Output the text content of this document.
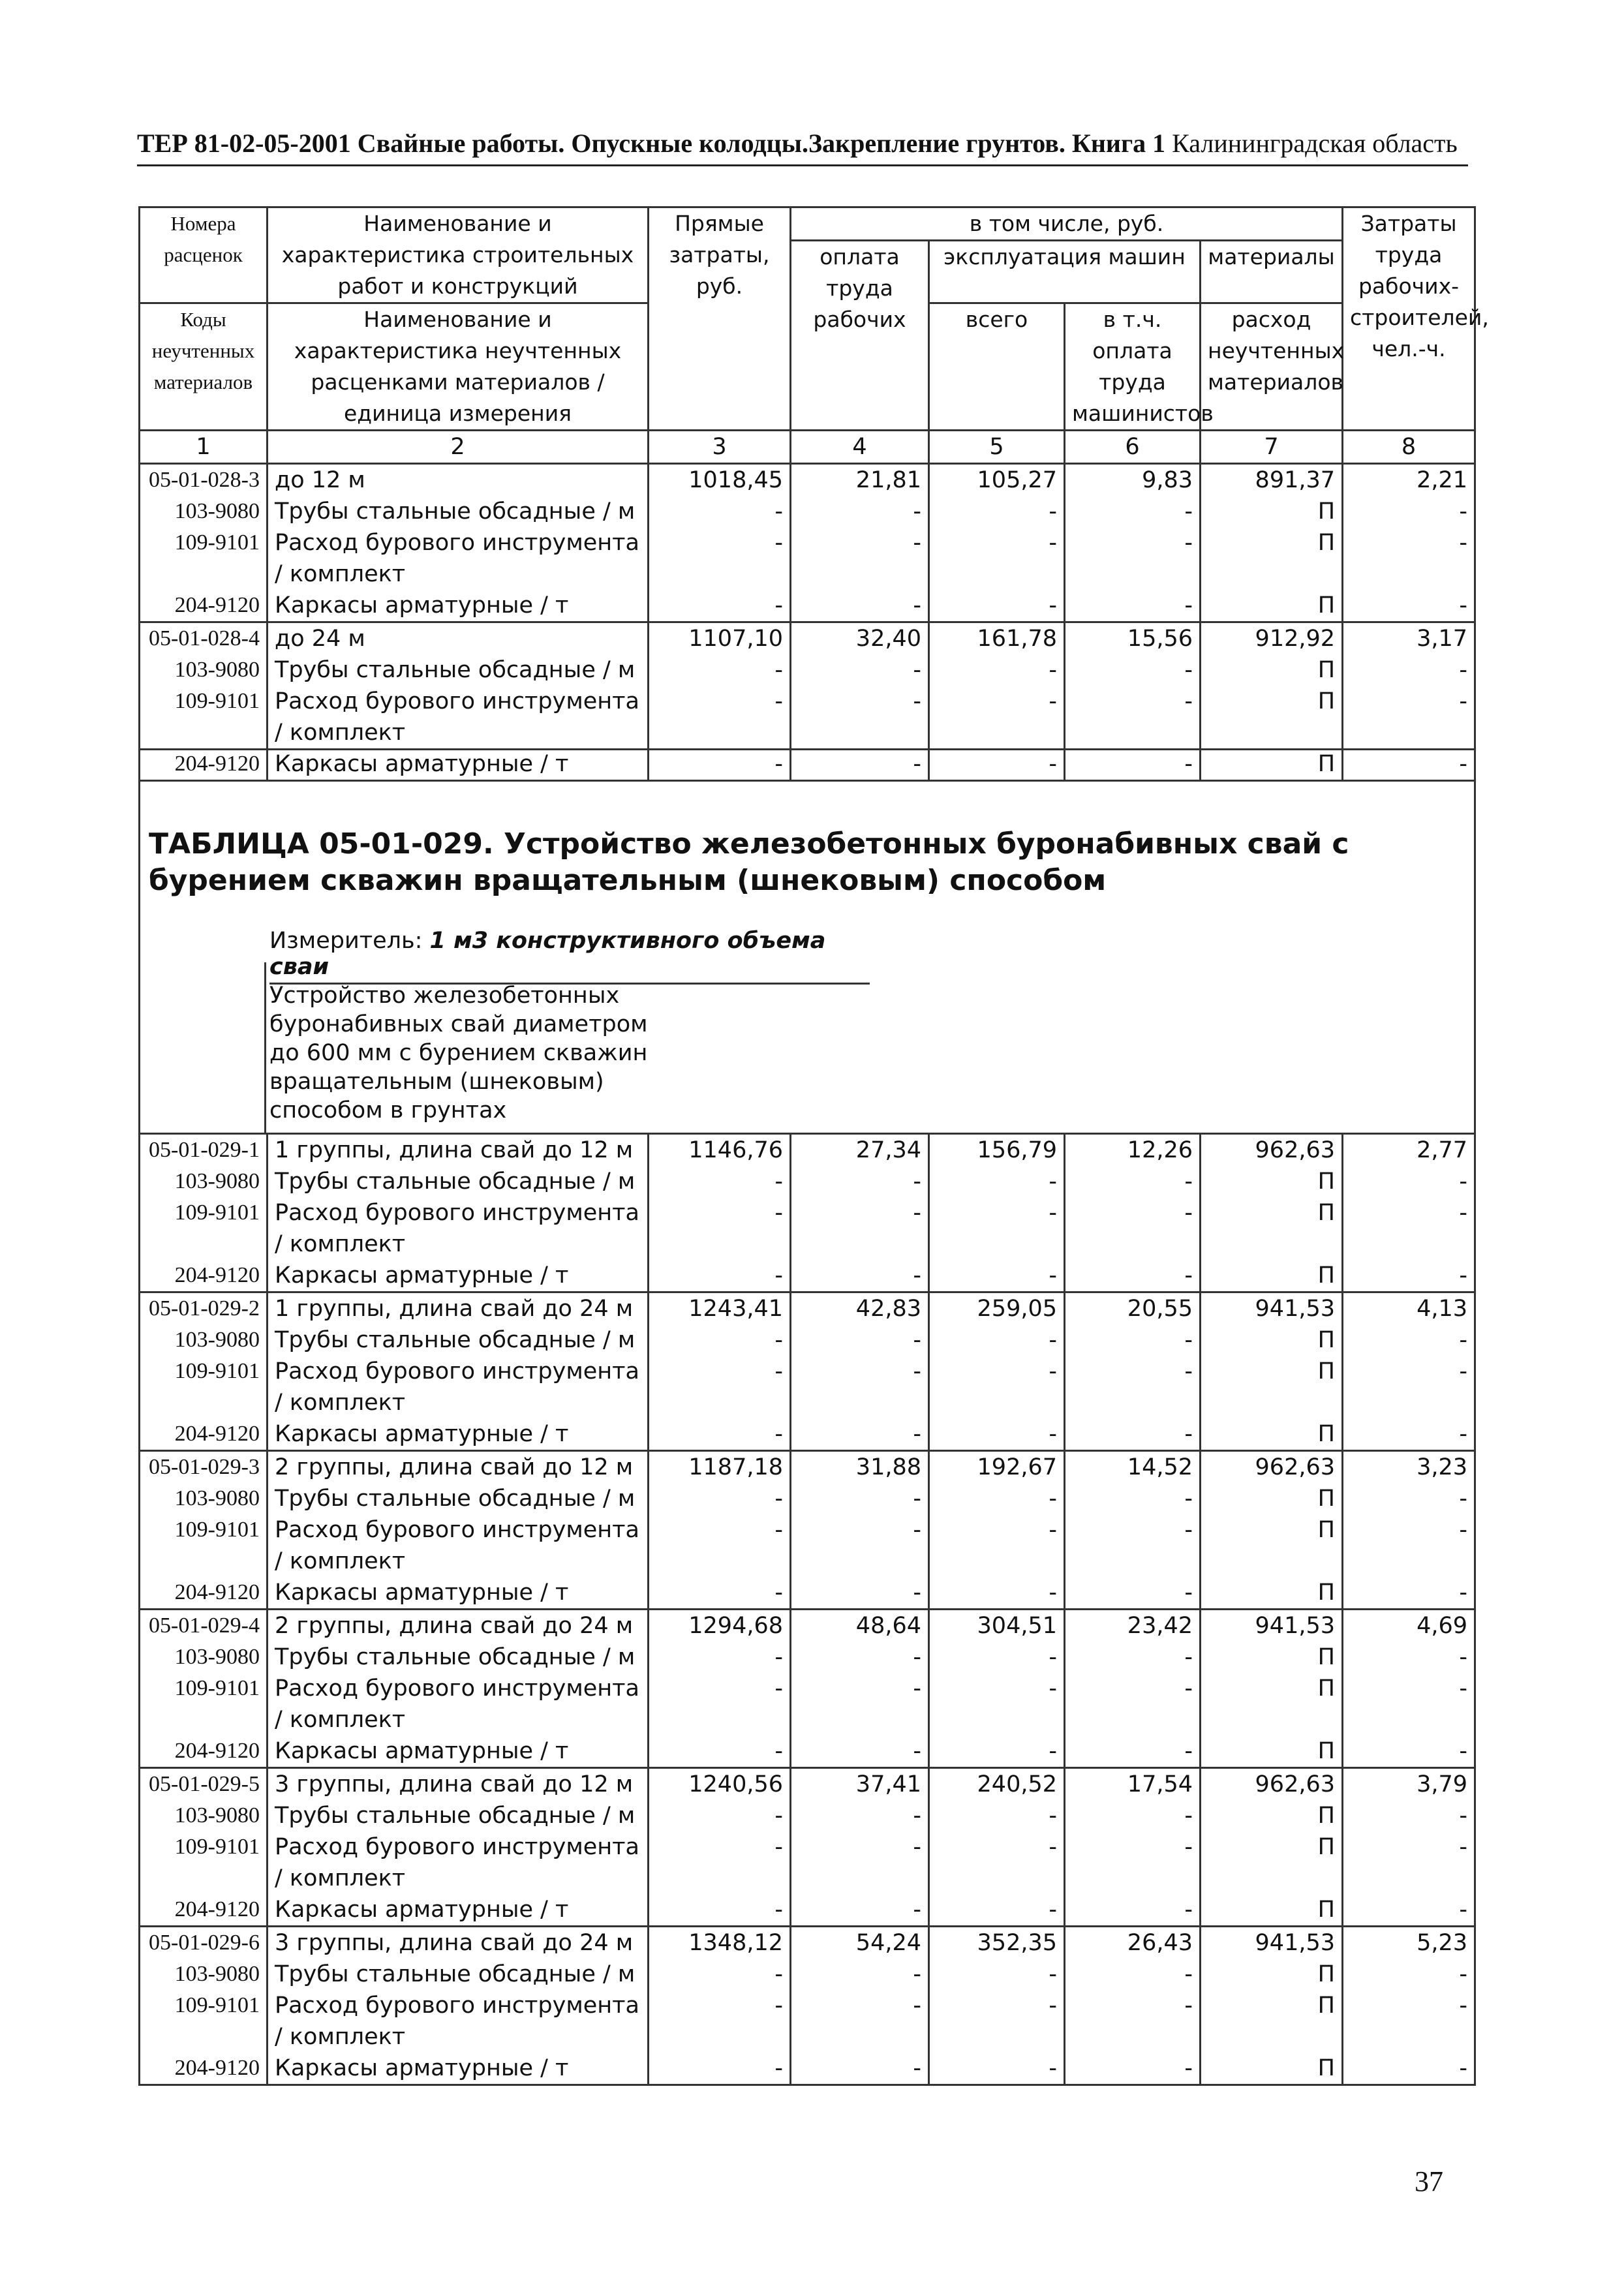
ТЕР 81-02-05-2001 Свайные работы. Опускные колодцы.Закрепление грунтов. Книга 1 Калининградская область
Номера расценок	Наименование и характеристика строительных работ и конструкций	Прямые затраты, руб.	в том числе, руб.				Затраты труда рабочих-строителей, чел.-ч.
			оплата труда рабочих	эксплуатация машин		материалы	
Коды неучтенных материалов	Наименование и характеристика неучтенных расценками материалов / единица измерения			всего	в т.ч. оплата труда машинистов	расход неучтенных материалов	

1	2	3	4	5	6	7	8
05-01-028-3	до 12 м	1018,45	21,81	105,27	9,83	891,37	2,21
103-9080	Трубы стальные обсадные / м	-	-	-	-	П	-
109-9101	Расход бурового инструмента / комплект	-	-	-	-	П	-
204-9120	Каркасы арматурные / т	-	-	-	-	П	-
05-01-028-4	до 24 м	1107,10	32,40	161,78	15,56	912,92	3,17
103-9080	Трубы стальные обсадные / м	-	-	-	-	П	-
109-9101	Расход бурового инструмента / комплект	-	-	-	-	П	-
204-9120	Каркасы арматурные / т	-	-	-	-	П	-
ТАБЛИЦА 05-01-029. Устройство железобетонных буронабивных свай с бурением скважин вращательным (шнековым) способом
Измеритель: 1 м3 конструктивного объема сваи
Устройство железобетонных буронабивных свай диаметром до 600 мм с бурением скважин вращательным (шнековым) способом в грунтах
05-01-029-1	1 группы, длина свай до 12 м	1146,76	27,34	156,79	12,26	962,63	2,77
103-9080	Трубы стальные обсадные / м	-	-	-	-	П	-
109-9101	Расход бурового инструмента / комплект	-	-	-	-	П	-
204-9120	Каркасы арматурные / т	-	-	-	-	П	-
05-01-029-2	1 группы, длина свай до 24 м	1243,41	42,83	259,05	20,55	941,53	4,13
103-9080	Трубы стальные обсадные / м	-	-	-	-	П	-
109-9101	Расход бурового инструмента / комплект	-	-	-	-	П	-
204-9120	Каркасы арматурные / т	-	-	-	-	П	-
05-01-029-3	2 группы, длина свай до 12 м	1187,18	31,88	192,67	14,52	962,63	3,23
103-9080	Трубы стальные обсадные / м	-	-	-	-	П	-
109-9101	Расход бурового инструмента / комплект	-	-	-	-	П	-
204-9120	Каркасы арматурные / т	-	-	-	-	П	-
05-01-029-4	2 группы, длина свай до 24 м	1294,68	48,64	304,51	23,42	941,53	4,69
103-9080	Трубы стальные обсадные / м	-	-	-	-	П	-
109-9101	Расход бурового инструмента / комплект	-	-	-	-	П	-
204-9120	Каркасы арматурные / т	-	-	-	-	П	-
05-01-029-5	3 группы, длина свай до 12 м	1240,56	37,41	240,52	17,54	962,63	3,79
103-9080	Трубы стальные обсадные / м	-	-	-	-	П	-
109-9101	Расход бурового инструмента / комплект	-	-	-	-	П	-
204-9120	Каркасы арматурные / т	-	-	-	-	П	-
05-01-029-6	3 группы, длина свай до 24 м	1348,12	54,24	352,35	26,43	941,53	5,23
103-9080	Трубы стальные обсадные / м	-	-	-	-	П	-
109-9101	Расход бурового инструмента / комплект	-	-	-	-	П	-
204-9120	Каркасы арматурные / т	-	-	-	-	П	-
37
